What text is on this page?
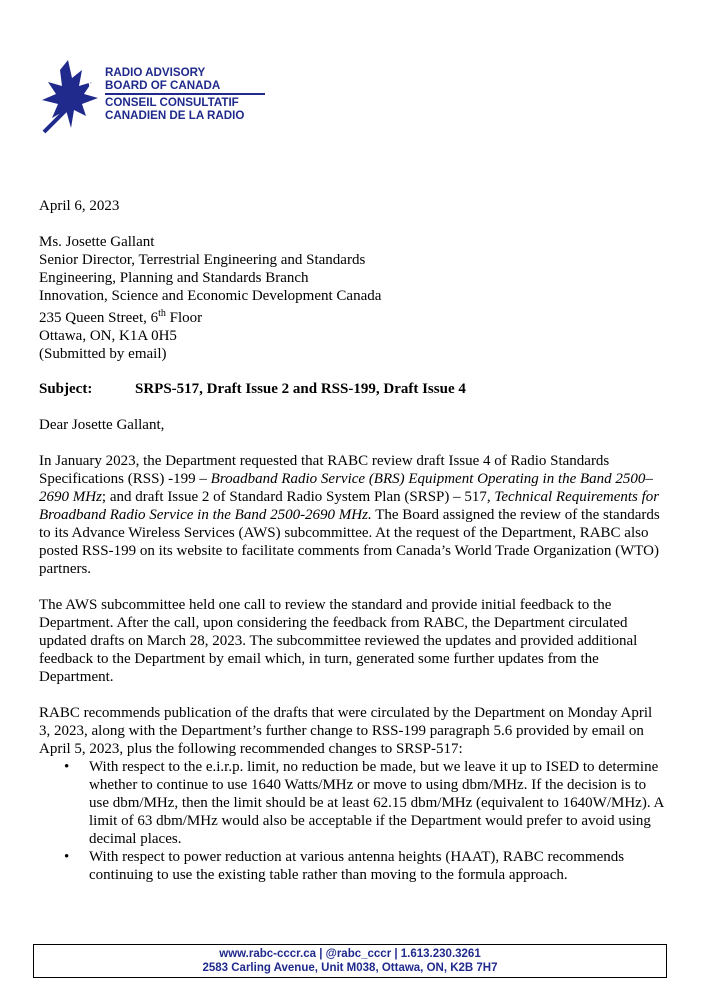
RADIO ADVISORY
BOARD OF CANADA
CONSEIL CONSULTATIF
CANADIEN DE LA RADIO

April 6, 2023

Ms. Josette Gallant
Senior Director, Terrestrial Engineering and Standards
Engineering, Planning and Standards Branch
Innovation, Science and Economic Development Canada
235 Queen Street, 6th Floor
Ottawa, ON, K1A 0H5
(Submitted by email)
Subject:	SRPS-517, Draft Issue 2 and RSS-199, Draft Issue 4

Dear Josette Gallant,

In January 2023, the Department requested that RABC review draft Issue 4 of Radio Standards Specifications (RSS) -199 – Broadband Radio Service (BRS) Equipment Operating in the Band 2500–2690 MHz; and draft Issue 2 of Standard Radio System Plan (SRSP) – 517, Technical Requirements for Broadband Radio Service in the Band 2500-2690 MHz. The Board assigned the review of the standards to its Advance Wireless Services (AWS) subcommittee. At the request of the Department, RABC also posted RSS-199 on its website to facilitate comments from Canada’s World Trade Organization (WTO) partners.

The AWS subcommittee held one call to review the standard and provide initial feedback to the Department. After the call, upon considering the feedback from RABC, the Department circulated updated drafts on March 28, 2023. The subcommittee reviewed the updates and provided additional feedback to the Department by email which, in turn, generated some further updates from the Department.

RABC recommends publication of the drafts that were circulated by the Department on Monday April 3, 2023, along with the Department’s further change to RSS-199 paragraph 5.6 provided by email on April 5, 2023, plus the following recommended changes to SRSP-517:

• With respect to the e.i.r.p. limit, no reduction be made, but we leave it up to ISED to determine whether to continue to use 1640 Watts/MHz or move to using dbm/MHz. If the decision is to use dbm/MHz, then the limit should be at least 62.15 dbm/MHz (equivalent to 1640W/MHz). A limit of 63 dbm/MHz would also be acceptable if the Department would prefer to avoid using decimal places.
• With respect to power reduction at various antenna heights (HAAT), RABC recommends continuing to use the existing table rather than moving to the formula approach.
www.rabc-cccr.ca | @rabc_cccr | 1.613.230.3261
2583 Carling Avenue, Unit M038, Ottawa, ON, K2B 7H7
